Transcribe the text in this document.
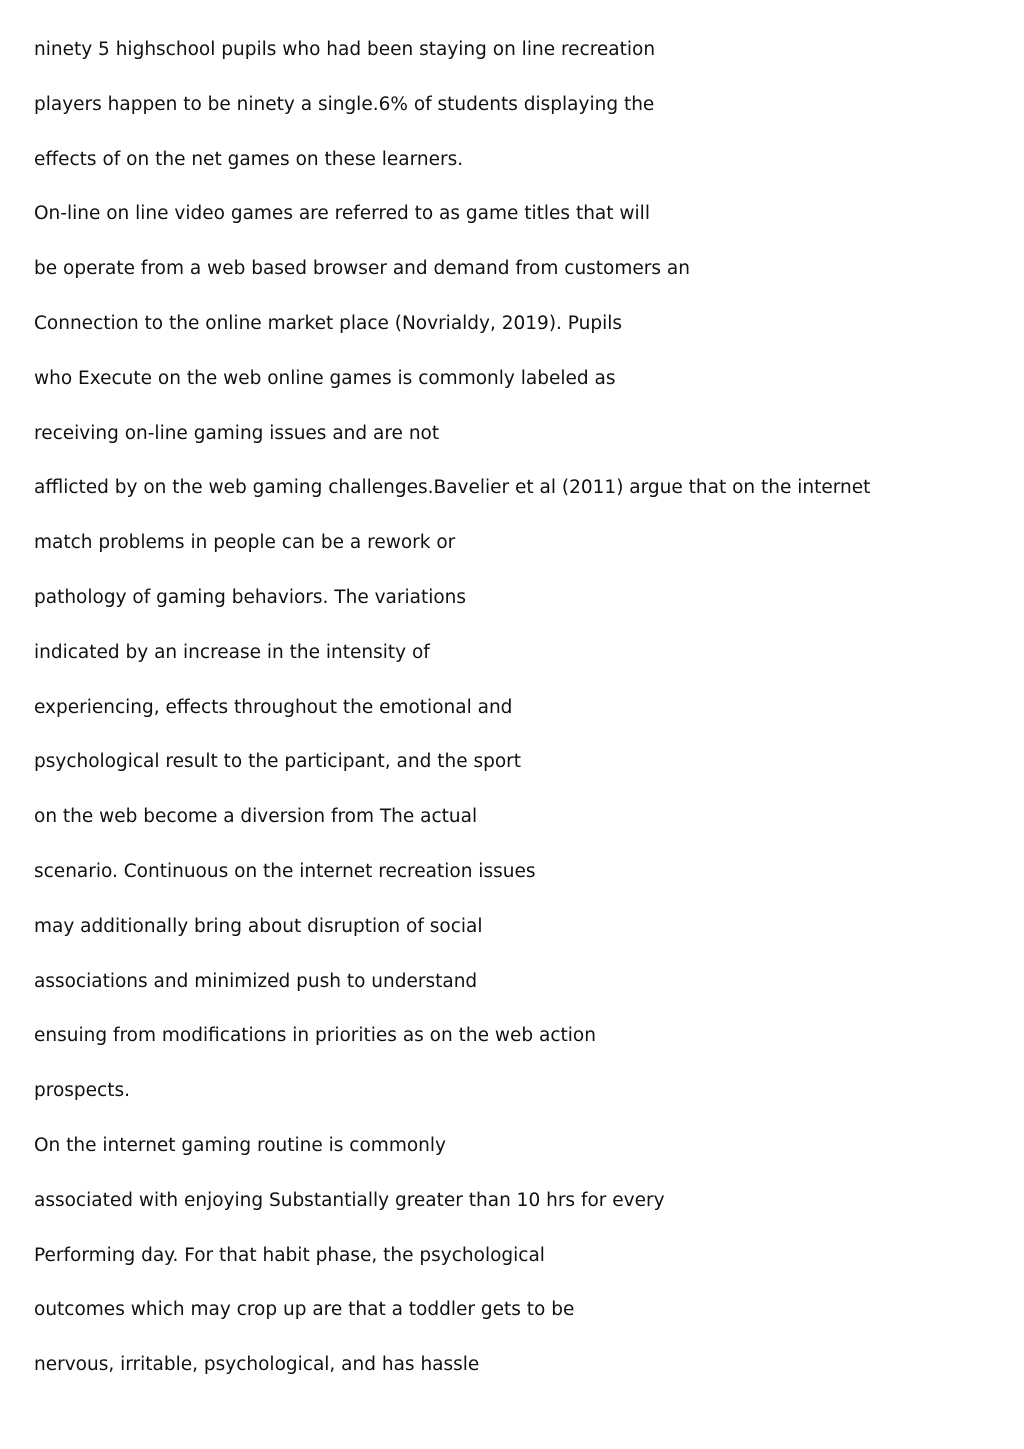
ninety 5 highschool pupils who had been staying on line recreation
players happen to be ninety a single.6% of students displaying the
effects of on the net games on these learners.
On-line on line video games are referred to as game titles that will
be operate from a web based browser and demand from customers an
Connection to the online market place (Novrialdy, 2019). Pupils
who Execute on the web online games is commonly labeled as
receiving on-line gaming issues and are not
afflicted by on the web gaming challenges.Bavelier et al (2011) argue that on the internet
match problems in people can be a rework or
pathology of gaming behaviors. The variations
indicated by an increase in the intensity of
experiencing, effects throughout the emotional and
psychological result to the participant, and the sport
on the web become a diversion from The actual
scenario. Continuous on the internet recreation issues
may additionally bring about disruption of social
associations and minimized push to understand
ensuing from modifications in priorities as on the web action
prospects.
On the internet gaming routine is commonly
associated with enjoying Substantially greater than 10 hrs for every
Performing day. For that habit phase, the psychological
outcomes which may crop up are that a toddler gets to be
nervous, irritable, psychological, and has hassle
